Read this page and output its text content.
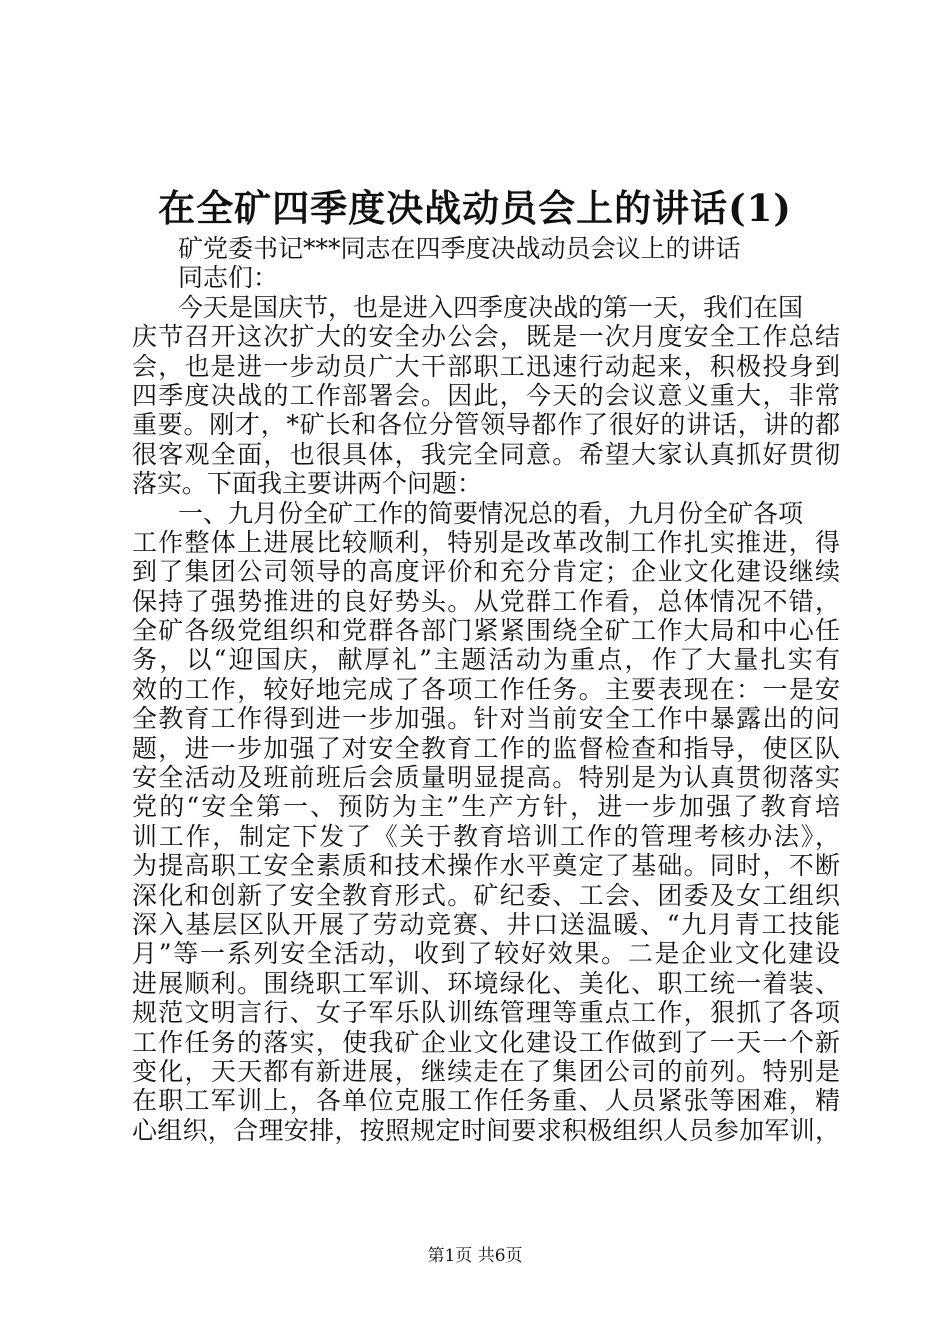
在全矿四季度决战动员会上的讲话(1)
矿党委书记***同志在四季度决战动员会议上的讲话
同志们：
今天是国庆节，也是进入四季度决战的第一天，我们在国
庆节召开这次扩大的安全办公会，既是一次月度安全工作总结
会，也是进一步动员广大干部职工迅速行动起来，积极投身到
四季度决战的工作部署会。因此，今天的会议意义重大，非常
重要。刚才，*矿长和各位分管领导都作了很好的讲话，讲的都
很客观全面，也很具体，我完全同意。希望大家认真抓好贯彻
落实。下面我主要讲两个问题：
一、九月份全矿工作的简要情况总的看，九月份全矿各项
工作整体上进展比较顺利，特别是改革改制工作扎实推进，得
到了集团公司领导的高度评价和充分肯定；企业文化建设继续
保持了强势推进的良好势头。从党群工作看，总体情况不错，
全矿各级党组织和党群各部门紧紧围绕全矿工作大局和中心任
务，以“迎国庆，献厚礼”主题活动为重点，作了大量扎实有
效的工作，较好地完成了各项工作任务。主要表现在：一是安
全教育工作得到进一步加强。针对当前安全工作中暴露出的问
题，进一步加强了对安全教育工作的监督检查和指导，使区队
安全活动及班前班后会质量明显提高。特别是为认真贯彻落实
党的“安全第一、预防为主”生产方针，进一步加强了教育培
训工作，制定下发了《关于教育培训工作的管理考核办法》，
为提高职工安全素质和技术操作水平奠定了基础。同时，不断
深化和创新了安全教育形式。矿纪委、工会、团委及女工组织
深入基层区队开展了劳动竞赛、井口送温暖、“九月青工技能
月”等一系列安全活动，收到了较好效果。二是企业文化建设
进展顺利。围绕职工军训、环境绿化、美化、职工统一着装、
规范文明言行、女子军乐队训练管理等重点工作，狠抓了各项
工作任务的落实，使我矿企业文化建设工作做到了一天一个新
变化，天天都有新进展，继续走在了集团公司的前列。特别是
在职工军训上，各单位克服工作任务重、人员紧张等困难，精
心组织，合理安排，按照规定时间要求积极组织人员参加军训，
第1页 共6页
